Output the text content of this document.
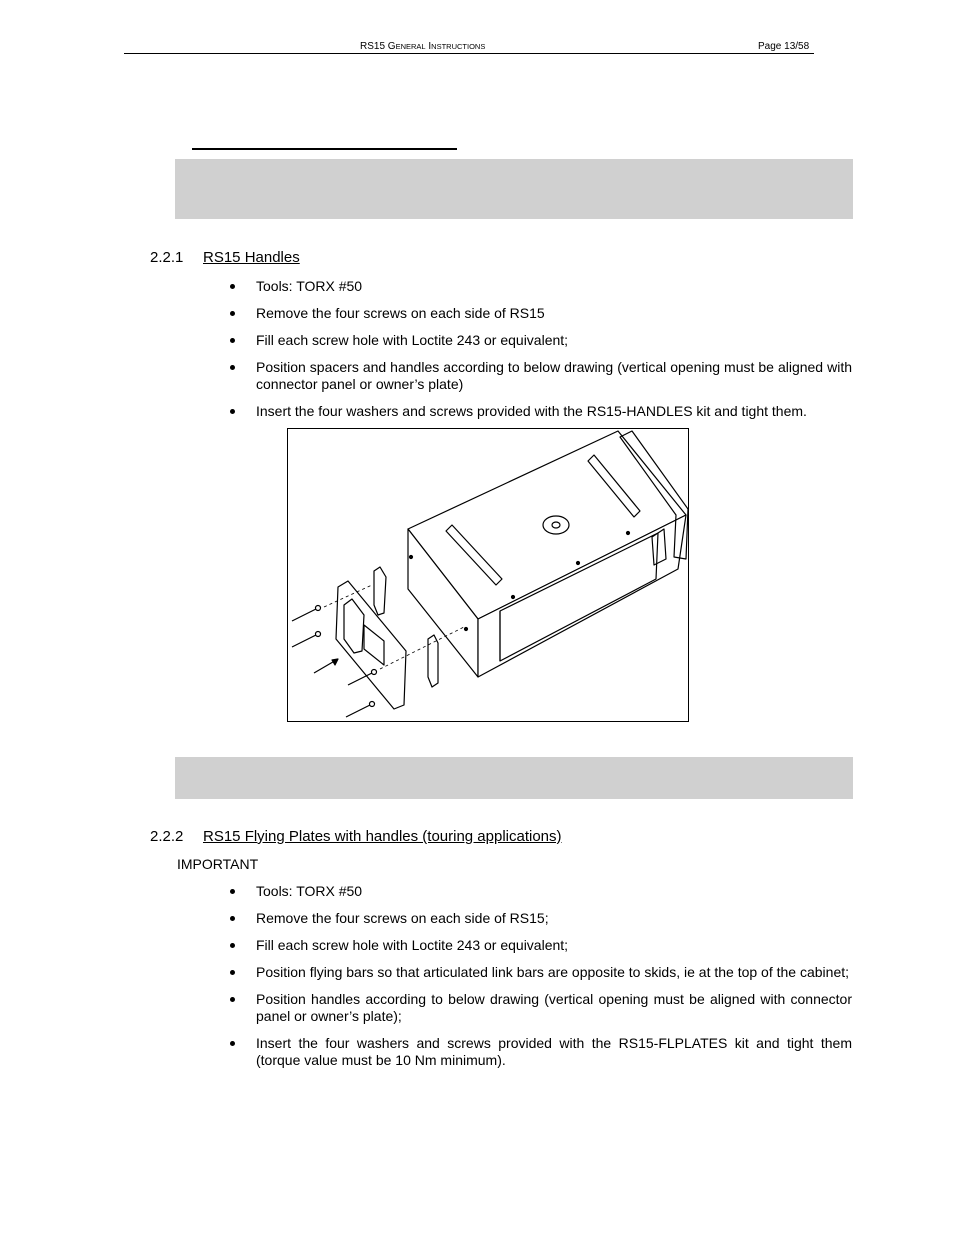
RS15 GENERAL INSTRUCTIONS	Page 13/58
2.2.1 RS15 Handles
Tools: TORX #50
Remove the four screws on each side of RS15
Fill each screw hole with Loctite 243 or equivalent;
Position spacers and handles according to below drawing (vertical opening must be aligned with connector panel or owner’s plate)
Insert the four washers and screws provided with the RS15-HANDLES kit and tight them.
2.2.2 RS15 Flying Plates with handles (touring applications)
IMPORTANT
Tools: TORX #50
Remove the four screws on each side of RS15;
Fill each screw hole with Loctite 243 or equivalent;
Position flying bars so that articulated link bars are opposite to skids, ie at the top of the cabinet;
Position handles according to below drawing (vertical opening must be aligned with connector panel or owner’s plate);
Insert the four washers and screws provided with the RS15-FLPLATES kit and tight them (torque value must be 10 Nm minimum).
